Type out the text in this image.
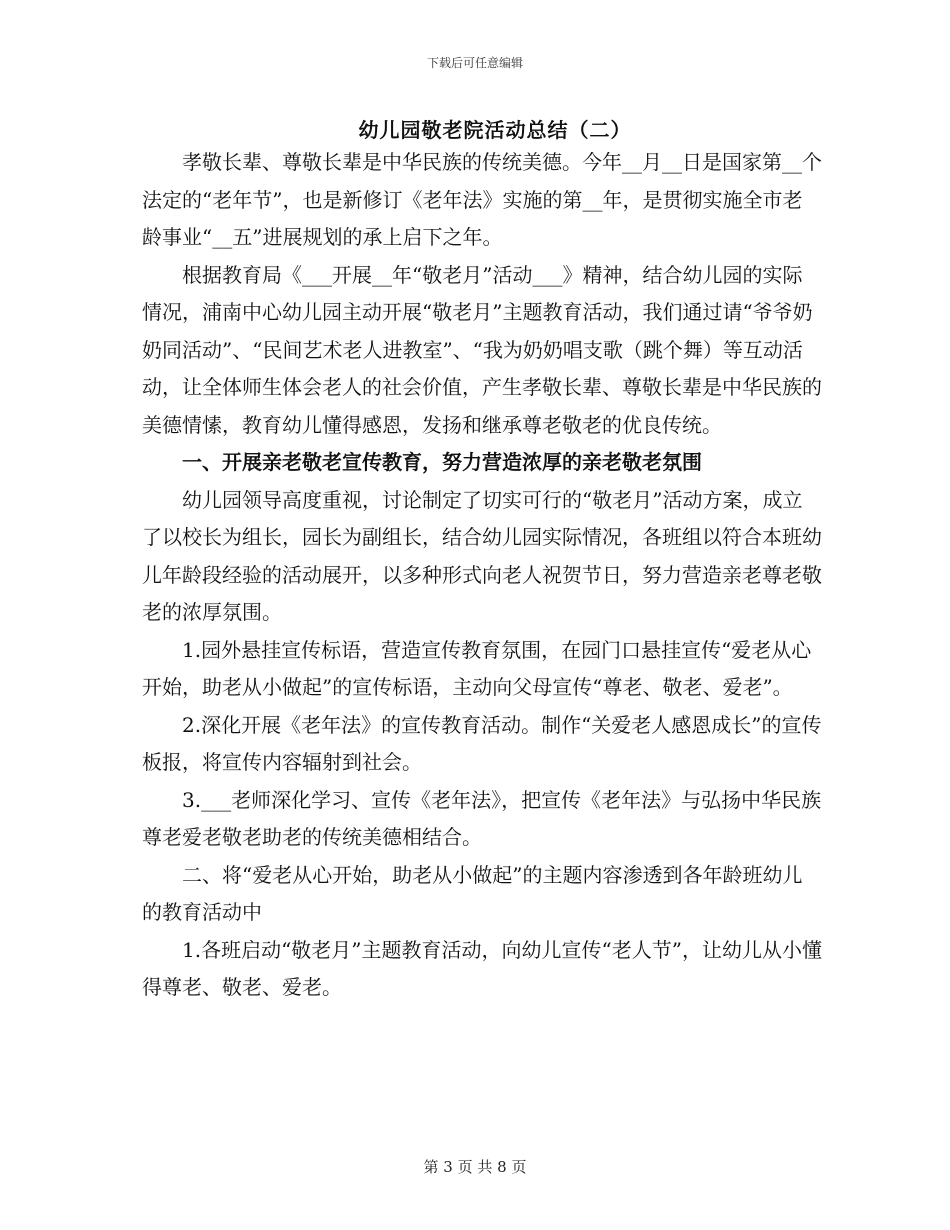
下载后可任意编辑
幼儿园敬老院活动总结（二）

孝敬长辈、尊敬长辈是中华民族的传统美德。今年__月__日是国家第__个法定的“老年节”，也是新修订《老年法》实施的第__年，是贯彻实施全市老龄事业“__五”进展规划的承上启下之年。

根据教育局《___开展__年“敬老月”活动___》精神，结合幼儿园的实际情况，浦南中心幼儿园主动开展“敬老月”主题教育活动，我们通过请“爷爷奶奶同活动”、“民间艺术老人进教室”、“我为奶奶唱支歌（跳个舞）等互动活动，让全体师生体会老人的社会价值，产生孝敬长辈、尊敬长辈是中华民族的美德情愫，教育幼儿懂得感恩，发扬和继承尊老敬老的优良传统。

一、开展亲老敬老宣传教育，努力营造浓厚的亲老敬老氛围

幼儿园领导高度重视，讨论制定了切实可行的“敬老月”活动方案，成立了以校长为组长，园长为副组长，结合幼儿园实际情况，各班组以符合本班幼儿年龄段经验的活动展开，以多种形式向老人祝贺节日，努力营造亲老尊老敬老的浓厚氛围。

1.园外悬挂宣传标语，营造宣传教育氛围，在园门口悬挂宣传“爱老从心开始，助老从小做起”的宣传标语，主动向父母宣传“尊老、敬老、爱老”。

2.深化开展《老年法》的宣传教育活动。制作“关爱老人感恩成长”的宣传板报，将宣传内容辐射到社会。

3.___老师深化学习、宣传《老年法》，把宣传《老年法》与弘扬中华民族尊老爱老敬老助老的传统美德相结合。

二、将“爱老从心开始，助老从小做起”的主题内容渗透到各年龄班幼儿的教育活动中

1.各班启动“敬老月”主题教育活动，向幼儿宣传“老人节”，让幼儿从小懂得尊老、敬老、爱老。

第 3 页 共 8 页
